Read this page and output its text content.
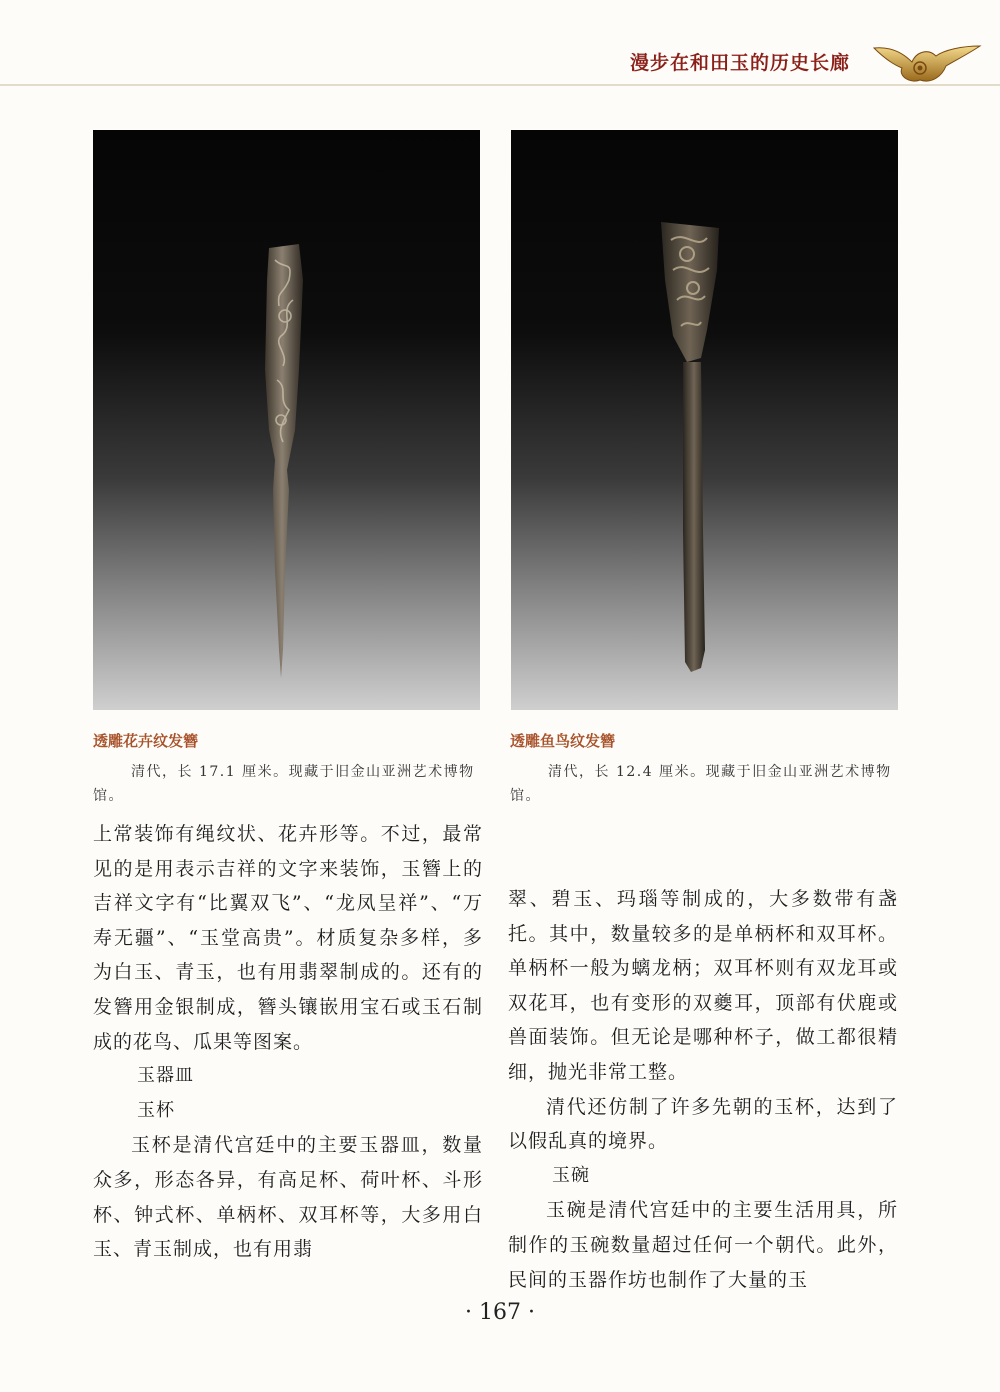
漫步在和田玉的历史长廊
透雕花卉纹发簪
清代，长 17.1 厘米。现藏于旧金山亚洲艺术博物馆。
透雕鱼鸟纹发簪
清代，长 12.4 厘米。现藏于旧金山亚洲艺术博物馆。

上常装饰有绳纹状、花卉形等。不过，最常见的是用表示吉祥的文字来装饰，玉簪上的吉祥文字有“比翼双飞”、“龙凤呈祥”、“万寿无疆”、“玉堂高贵”。材质复杂多样，多为白玉、青玉，也有用翡翠制成的。还有的发簪用金银制成，簪头镶嵌用宝石或玉石制成的花鸟、瓜果等图案。

玉器皿

玉杯

玉杯是清代宫廷中的主要玉器皿，数量众多，形态各异，有高足杯、荷叶杯、斗形杯、钟式杯、单柄杯、双耳杯等，大多用白玉、青玉制成，也有用翡

翠、碧玉、玛瑙等制成的，大多数带有盏托。其中，数量较多的是单柄杯和双耳杯。单柄杯一般为螭龙柄；双耳杯则有双龙耳或双花耳，也有变形的双夔耳，顶部有伏鹿或兽面装饰。但无论是哪种杯子，做工都很精细，抛光非常工整。

清代还仿制了许多先朝的玉杯，达到了以假乱真的境界。

玉碗

玉碗是清代宫廷中的主要生活用具，所制作的玉碗数量超过任何一个朝代。此外，民间的玉器作坊也制作了大量的玉

· 167 ·
